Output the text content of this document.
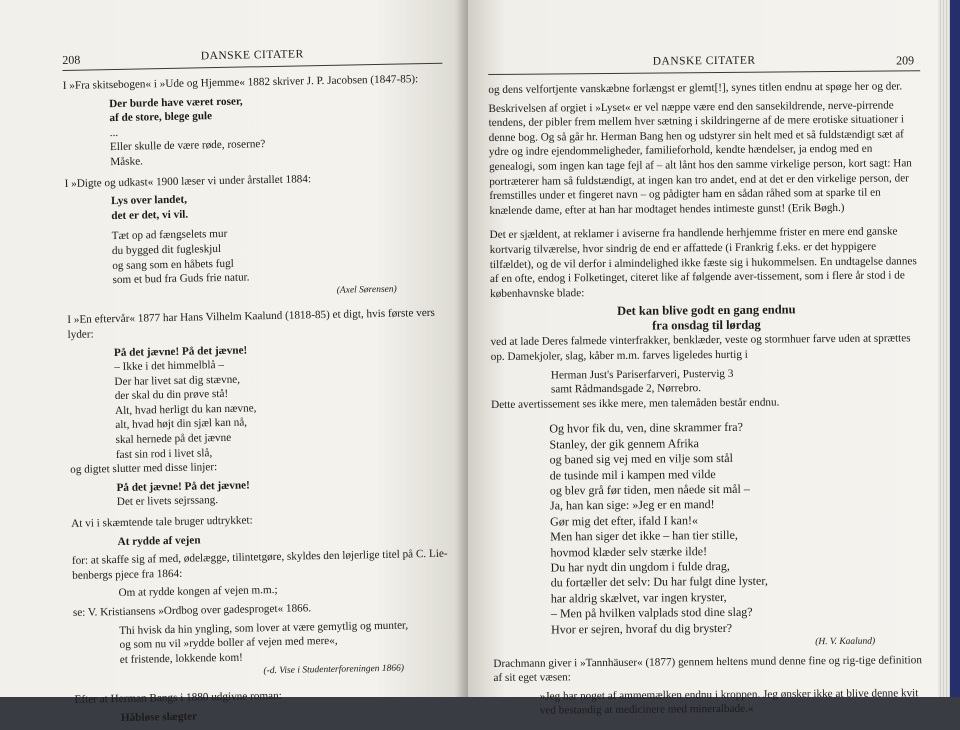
208	DANSKE CITATER

I »Fra skitsebogen« i »Ude og Hjemme« 1882 skriver J. P. Jacobsen (1847-85):

Der burde have været roser,
af de store, blege gule
...
Eller skulle de være røde, roserne?
Måske.

I »Digte og udkast« 1900 læser vi under årstallet 1884:

Lys over landet,
det er det, vi vil.
Tæt op ad fængselets mur
du bygged dit fugleskjul
og sang som en håbets fugl
som et bud fra Guds frie natur.

(Axel Sørensen)

I »En eftervår« 1877 har Hans Vilhelm Kaalund (1818-85) et digt, hvis første vers lyder:

På det jævne! På det jævne!
– Ikke i det himmelblå –
Der har livet sat dig stævne,
der skal du din prøve stå!
Alt, hvad herligt du kan nævne,
alt, hvad højt din sjæl kan nå,
skal hernede på det jævne
fast sin rod i livet slå,

og digtet slutter med disse linjer:

På det jævne! På det jævne!
Det er livets sejrssang.

At vi i skæmtende tale bruger udtrykket:

At rydde af vejen

for: at skaffe sig af med, ødelægge, tilintetgøre, skyldes den løjerlige titel på C. Lie-benbergs pjece fra 1864:

Om at rydde kongen af vejen m.m.;

se: V. Kristiansens »Ordbog over gadesproget« 1866.

Thi hvisk da hin yngling, som lover at være gemytlig og munter,
og som nu vil »rydde boller af vejen med mere«,
et fristende, lokkende kom!

(-d. Vise i Studenterforeningen 1866)

Efter at Herman Bangs i 1880 udgivne roman:

Håbløse slægter

DANSKE CITATER	209

og dens velfortjente vanskæbne forlængst er glemt[!], synes titlen endnu at spøge her og der.

Beskrivelsen af orgiet i »Lyset« er vel næppe være end den sansekildrende, nerve-pirrende tendens, der pibler frem mellem hver sætning i skildringerne af de mere erotiske situationer i denne bog. Og så går hr. Herman Bang hen og udstyrer sin helt med et så fuldstændigt sæt af ydre og indre ejendommeligheder, familieforhold, kendte hændelser, ja endog med en genealogi, som ingen kan tage fejl af – alt lånt hos den samme virkelige person, kort sagt: Han portræterer ham så fuldstændigt, at ingen kan tro andet, end at det er den virkelige person, der fremstilles under et fingeret navn – og pådigter ham en sådan råhed som at sparke til en knælende dame, efter at han har modtaget hendes intimeste gunst! (Erik Bøgh.)

Det er sjældent, at reklamer i aviserne fra handlende herhjemme frister en mere end ganske kortvarig tilværelse, hvor sindrig de end er affattede (i Frankrig f.eks. er det hyppigere tilfældet), og de vil derfor i almindelighed ikke fæste sig i hukommelsen. En undtagelse dannes af en ofte, endog i Folketinget, citeret like af følgende aver-tissement, som i flere år stod i de københavnske blade:

Det kan blive godt en gang endnu
fra onsdag til lørdag

ved at lade Deres falmede vinterfrakker, benklæder, veste og stormhuer farve uden at sprættes op. Damekjoler, slag, kåber m.m. farves ligeledes hurtig i

Herman Just's Pariserfarveri, Pustervig 3
samt Rådmandsgade 2, Nørrebro.

Dette avertissement ses ikke mere, men talemåden består endnu.

Og hvor fik du, ven, dine skrammer fra?
Stanley, der gik gennem Afrika
og baned sig vej med en vilje som stål
de tusinde mil i kampen med vilde
og blev grå før tiden, men nåede sit mål –
Ja, han kan sige: »Jeg er en mand!
Gør mig det efter, ifald I kan!«
Men han siger det ikke – han tier stille,
hovmod klæder selv stærke ilde!
Du har nydt din ungdom i fulde drag,
du fortæller det selv: Du har fulgt dine lyster,
har aldrig skælvet, var ingen kryster,
– Men på hvilken valplads stod dine slag?
Hvor er sejren, hvoraf du dig bryster?

(H. V. Kaalund)

Drachmann giver i »Tannhäuser« (1877) gennem heltens mund denne fine og rig-tige definition af sit eget væsen:

»Jeg har noget af ammemælken endnu i kroppen. Jeg ønsker ikke at blive denne kvit ved bestandig at medicinere med mineralbade.«
